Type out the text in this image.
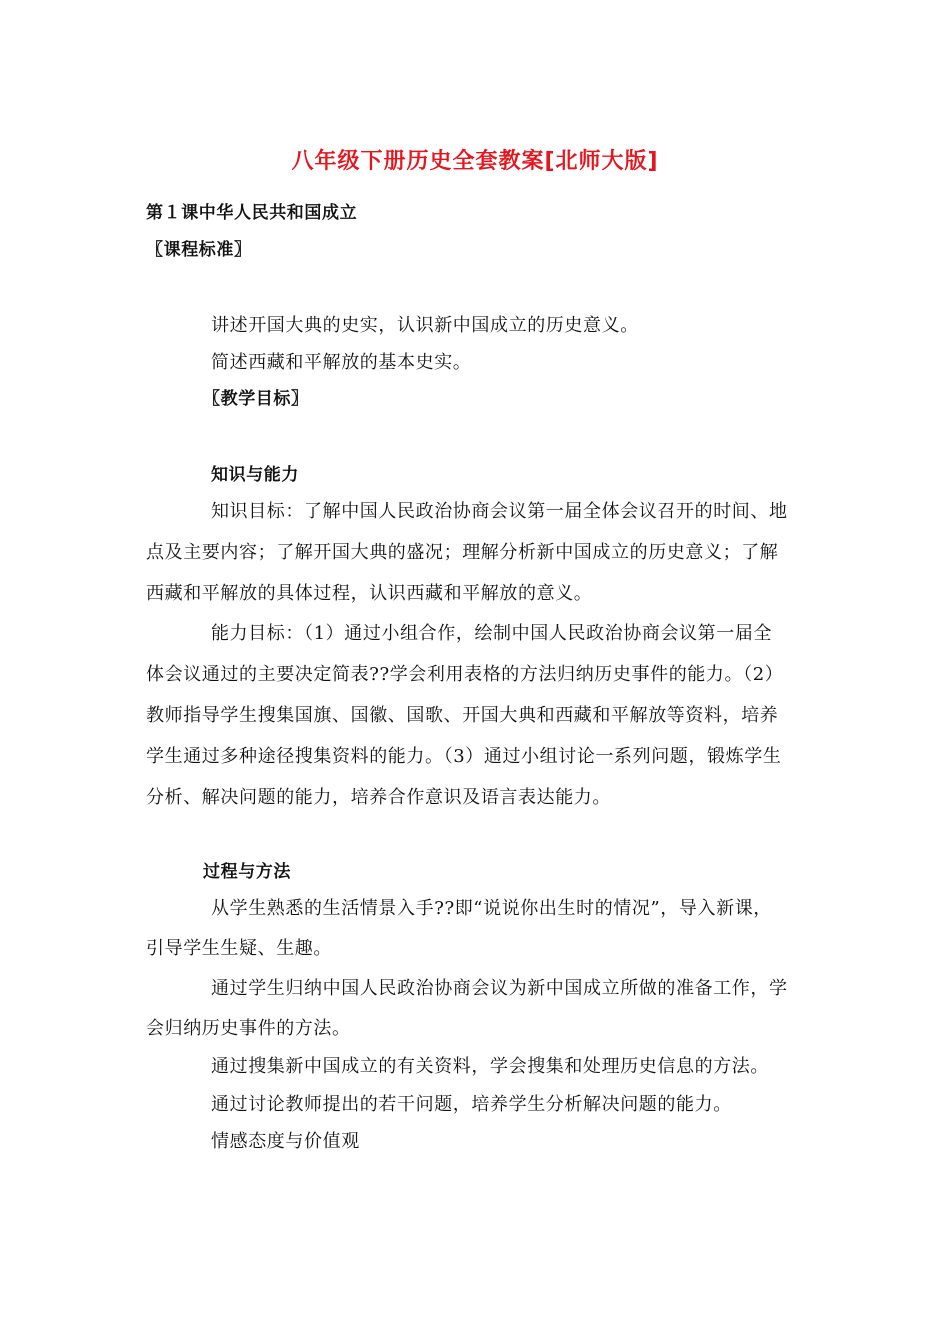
八年级下册历史全套教案[北师大版]
第１课中华人民共和国成立
〖课程标准〗
讲述开国大典的史实，认识新中国成立的历史意义。
简述西藏和平解放的基本史实。
〖教学目标〗
知识与能力
知识目标：了解中国人民政治协商会议第一届全体会议召开的时间、地
点及主要内容；了解开国大典的盛况；理解分析新中国成立的历史意义；了解
西藏和平解放的具体过程，认识西藏和平解放的意义。
能力目标：（1）通过小组合作，绘制中国人民政治协商会议第一届全
体会议通过的主要决定简表??学会利用表格的方法归纳历史事件的能力。（2）
教师指导学生搜集国旗、国徽、国歌、开国大典和西藏和平解放等资料，培养
学生通过多种途径搜集资料的能力。（3）通过小组讨论一系列问题，锻炼学生
分析、解决问题的能力，培养合作意识及语言表达能力。
过程与方法
从学生熟悉的生活情景入手??即“说说你出生时的情况”，导入新课，
引导学生生疑、生趣。
通过学生归纳中国人民政治协商会议为新中国成立所做的准备工作，学
会归纳历史事件的方法。
通过搜集新中国成立的有关资料，学会搜集和处理历史信息的方法。
通过讨论教师提出的若干问题，培养学生分析解决问题的能力。
情感态度与价值观
